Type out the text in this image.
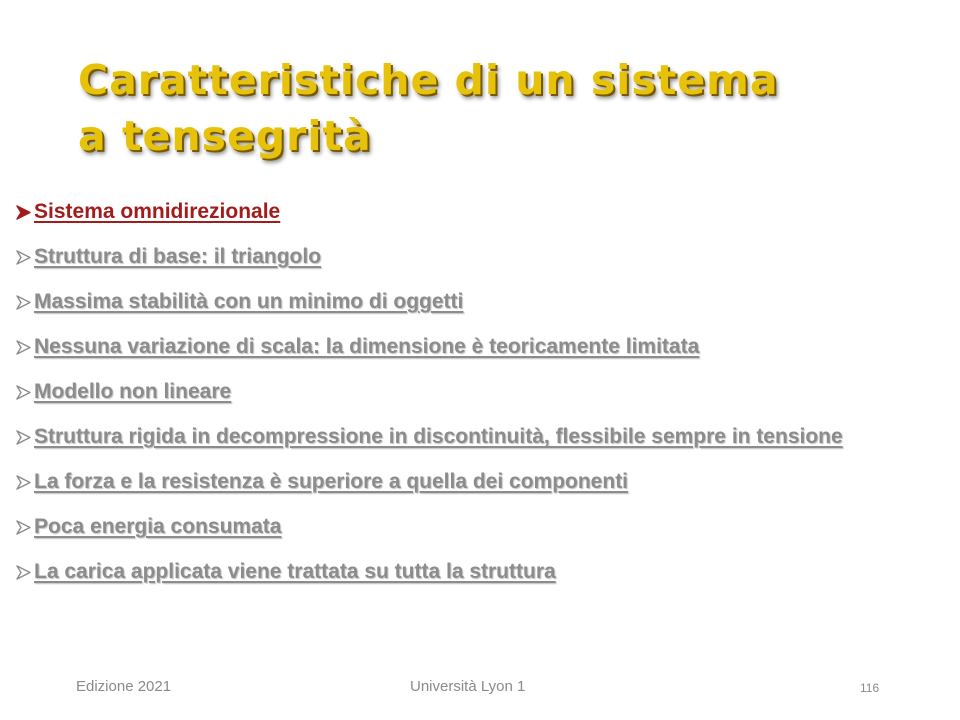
Caratteristiche di un sistema
a tensegrità
Sistema omnidirezionale
Struttura di base: il triangolo
Massima stabilità con un minimo di oggetti
Nessuna variazione di scala: la dimensione è teoricamente limitata
Modello non lineare
Struttura rigida in decompressione in discontinuità, flessibile sempre in tensione
La forza e la resistenza è superiore a quella dei componenti
Poca energia consumata
La carica applicata viene trattata su tutta la struttura
Edizione 2021	Università Lyon 1	116
